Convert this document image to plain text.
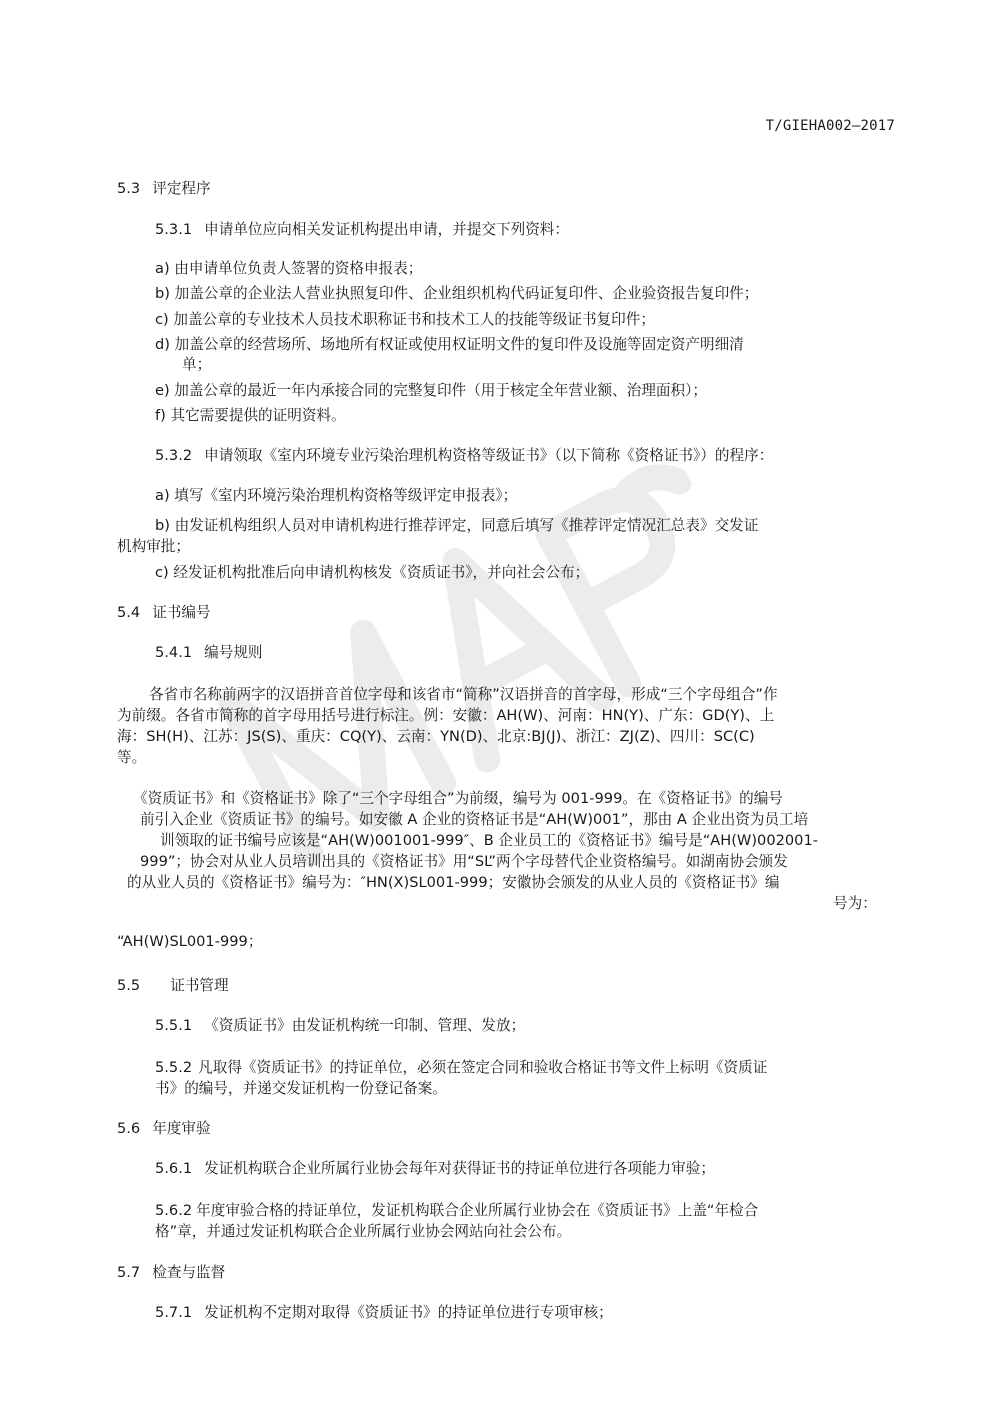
T/GIEHA002—2017
5.3 评定程序
5.3.1 申请单位应向相关发证机构提出申请，并提交下列资料：
a) 由申请单位负责人签署的资格申报表；
b) 加盖公章的企业法人营业执照复印件、企业组织机构代码证复印件、企业验资报告复印件；
c) 加盖公章的专业技术人员技术职称证书和技术工人的技能等级证书复印件；
d) 加盖公章的经营场所、场地所有权证或使用权证明文件的复印件及设施等固定资产明细清
单；
e) 加盖公章的最近一年内承接合同的完整复印件（用于核定全年营业额、治理面积）；
f) 其它需要提供的证明资料。
5.3.2 申请领取《室内环境专业污染治理机构资格等级证书》（以下简称《资格证书》）的程序：
a) 填写《室内环境污染治理机构资格等级评定申报表》；
b) 由发证机构组织人员对申请机构进行推荐评定，同意后填写《推荐评定情况汇总表》交发证
机构审批；
c) 经发证机构批准后向申请机构核发《资质证书》，并向社会公布；
5.4 证书编号
5.4.1 编号规则
各省市名称前两字的汉语拼音首位字母和该省市“简称”汉语拼音的首字母，形成“三个字母组合”作
为前缀。各省市简称的首字母用括号进行标注。例：安徽：AH(W)、河南：HN(Y)、广东：GD(Y)、上
海：SH(H)、江苏：JS(S)、重庆：CQ(Y)、云南：YN(D)、北京:BJ(J)、浙江：ZJ(Z)、四川：SC(C)
等。
《资质证书》和《资格证书》除了“三个字母组合”为前缀，编号为 001-999。在《资格证书》的编号
前引入企业《资质证书》的编号。如安徽 A 企业的资格证书是“AH(W)001”，那由 A 企业出资为员工培
训领取的证书编号应该是“AH(W)001001-999″、B 企业员工的《资格证书》编号是“AH(W)002001-
999”；协会对从业人员培训出具的《资格证书》用“SL”两个字母替代企业资格编号。如湖南协会颁发
的从业人员的《资格证书》编号为：″HN(X)SL001-999；安徽协会颁发的从业人员的《资格证书》编
号为：
“AH(W)SL001-999；
5.5 证书管理
5.5.1 《资质证书》由发证机构统一印制、管理、发放；
5.5.2 凡取得《资质证书》的持证单位，必须在签定合同和验收合格证书等文件上标明《资质证
书》的编号，并递交发证机构一份登记备案。
5.6 年度审验
5.6.1 发证机构联合企业所属行业协会每年对获得证书的持证单位进行各项能力审验；
5.6.2 年度审验合格的持证单位，发证机构联合企业所属行业协会在《资质证书》上盖“年检合
格”章，并通过发证机构联合企业所属行业协会网站向社会公布。
5.7 检查与监督
5.7.1 发证机构不定期对取得《资质证书》的持证单位进行专项审核；
